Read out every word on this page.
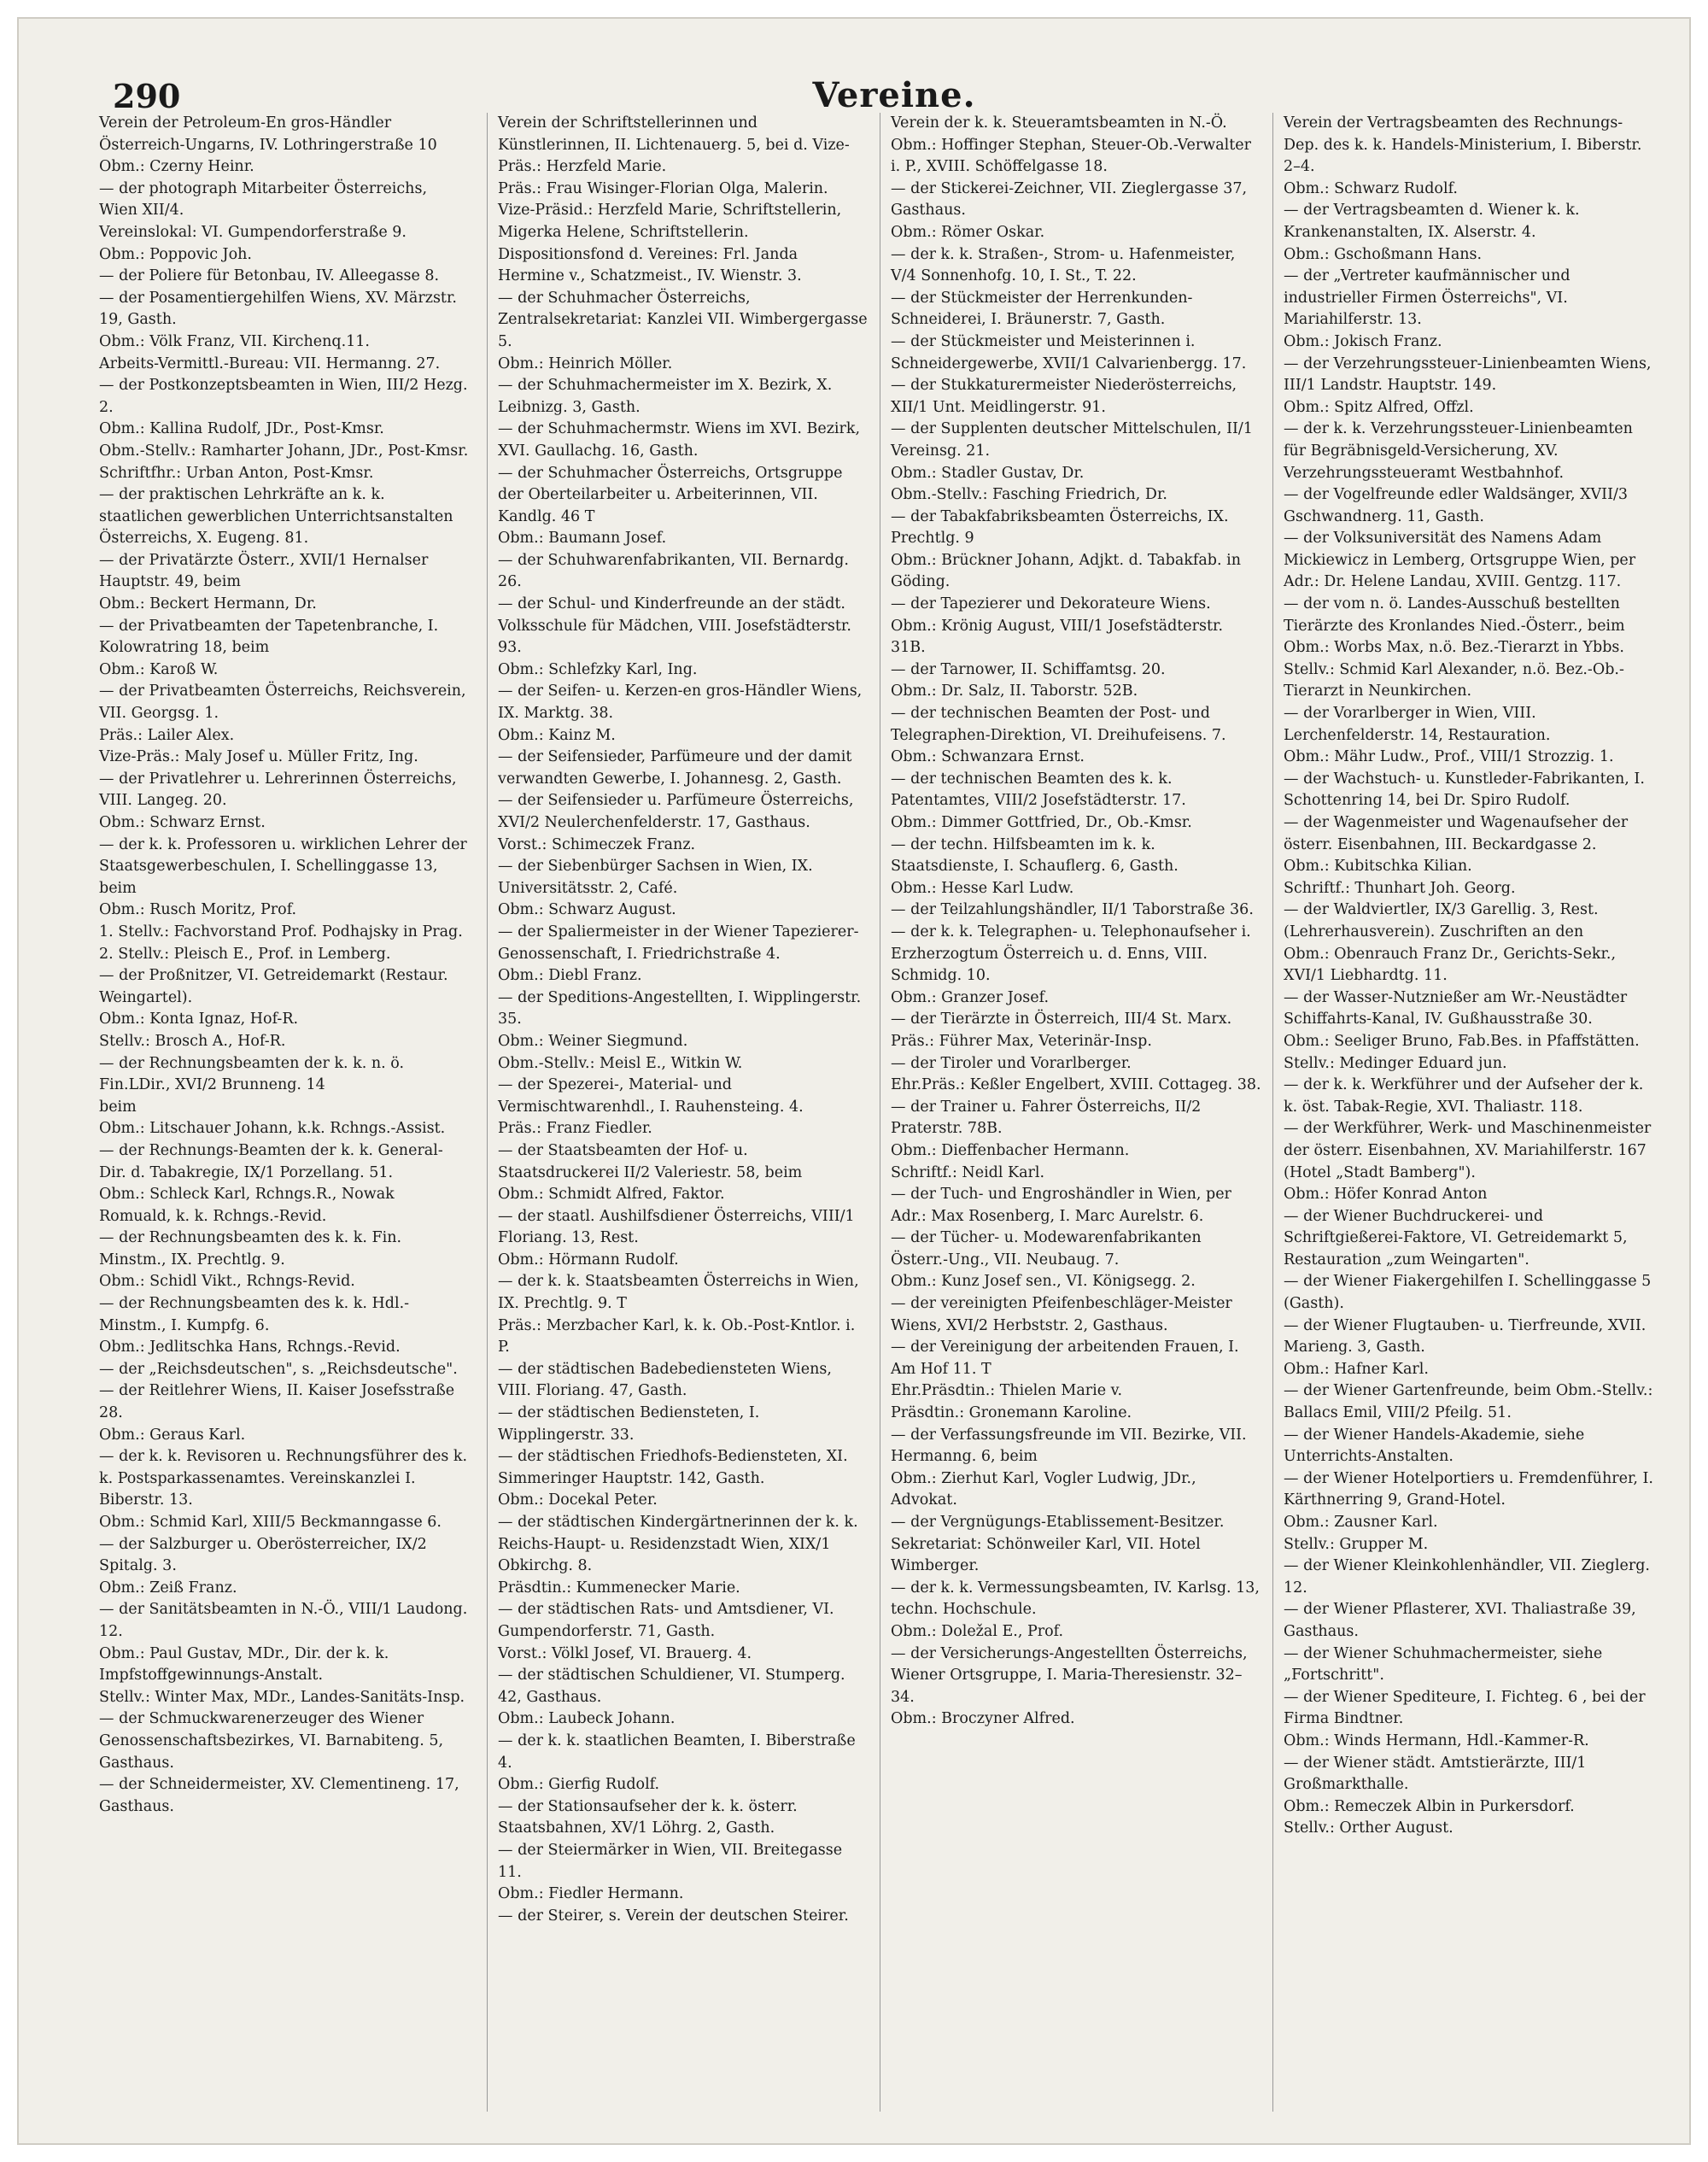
290	Vereine.
Verein der Petroleum-En gros-Händler Österreich-Ungarns, IV. Lothringerstraße 10
Obm.: Czerny Heinr.
— der photograph Mitarbeiter Österreichs, Wien XII/4.
Vereinslokal: VI. Gumpendorferstraße 9.
Obm.: Poppovic Joh.
— der Poliere für Betonbau, IV. Alleegasse 8.
— der Posamentiergehilfen Wiens, XV. Märzstr. 19, Gasth.
Obm.: Völk Franz, VII. Kirchenq.11.
Arbeits-Vermittl.-Bureau: VII. Hermanng. 27.
— der Postkonzeptsbeamten in Wien, III/2 Hezg. 2.
Obm.: Kallina Rudolf, JDr., Post-Kmsr.
Obm.-Stellv.: Ramharter Johann, JDr., Post-Kmsr.
Schriftfhr.: Urban Anton, Post-Kmsr.
— der praktischen Lehrkräfte an k. k. staatlichen gewerblichen Unterrichtsanstalten Österreichs, X. Eugeng. 81.
— der Privatärzte Österr., XVII/1 Hernalser Hauptstr. 49, beim
Obm.: Beckert Hermann, Dr.
— der Privatbeamten der Tapetenbranche, I. Kolowratring 18, beim
Obm.: Karoß W.
— der Privatbeamten Österreichs, Reichsverein, VII. Georgsg. 1.
Präs.: Lailer Alex.
Vize-Präs.: Maly Josef u. Müller Fritz, Ing.
— der Privatlehrer u. Lehrerinnen Österreichs, VIII. Langeg. 20.
Obm.: Schwarz Ernst.
— der k. k. Professoren u. wirklichen Lehrer der Staatsgewerbeschulen, I. Schellinggasse 13, beim
Obm.: Rusch Moritz, Prof.
1. Stellv.: Fachvorstand Prof. Podhajsky in Prag.
2. Stellv.: Pleisch E., Prof. in Lemberg.
— der Proßnitzer, VI. Getreidemarkt (Restaur. Weingartel).
Obm.: Konta Ignaz, Hof-R.
Stellv.: Brosch A., Hof-R.
— der Rechnungsbeamten der k. k. n. ö. Fin.LDir., XVI/2 Brunneng. 14
beim
Obm.: Litschauer Johann, k.k. Rchngs.-Assist.
— der Rechnungs-Beamten der k. k. General-Dir. d. Tabakregie, IX/1 Porzellang. 51.
Obm.: Schleck Karl, Rchngs.R., Nowak Romuald, k. k. Rchngs.-Revid.
— der Rechnungsbeamten des k. k. Fin. Minstm., IX. Prechtlg. 9.
Obm.: Schidl Vikt., Rchngs-Revid.
— der Rechnungsbeamten des k. k. Hdl.-Minstm., I. Kumpfg. 6.
Obm.: Jedlitschka Hans, Rchngs.-Revid.
— der „Reichsdeutschen", s. „Reichsdeutsche".
— der Reitlehrer Wiens, II. Kaiser Josefsstraße 28.
Obm.: Geraus Karl.
— der k. k. Revisoren u. Rechnungsführer des k. k. Postsparkassenamtes. Vereinskanzlei I. Biberstr. 13.
Obm.: Schmid Karl, XIII/5 Beckmanngasse 6.
— der Salzburger u. Oberösterreicher, IX/2 Spitalg. 3.
Obm.: Zeiß Franz.
— der Sanitätsbeamten in N.-Ö., VIII/1 Laudong. 12.
Obm.: Paul Gustav, MDr., Dir. der k. k. Impfstoffgewinnungs-Anstalt.
Stellv.: Winter Max, MDr., Landes-Sanitäts-Insp.
— der Schmuckwarenerzeuger des Wiener Genossenschaftsbezirkes, VI. Barnabiteng. 5, Gasthaus.
— der Schneidermeister, XV. Clementineng. 17, Gasthaus.
Verein der Schriftstellerinnen und Künstlerinnen, II. Lichtenauerg. 5, bei d. Vize-Präs.: Herzfeld Marie.
Präs.: Frau Wisinger-Florian Olga, Malerin.
Vize-Präsid.: Herzfeld Marie, Schriftstellerin, Migerka Helene, Schriftstellerin.
Dispositionsfond d. Vereines: Frl. Janda Hermine v., Schatzmeist., IV. Wienstr. 3.
— der Schuhmacher Österreichs, Zentralsekretariat: Kanzlei VII. Wimbergergasse 5.
Obm.: Heinrich Möller.
— der Schuhmachermeister im X. Bezirk, X. Leibnizg. 3, Gasth.
— der Schuhmachermstr. Wiens im XVI. Bezirk, XVI. Gaullachg. 16, Gasth.
— der Schuhmacher Österreichs, Ortsgruppe der Oberteilarbeiter u. Arbeiterinnen, VII. Kandlg. 46 T
Obm.: Baumann Josef.
— der Schuhwarenfabrikanten, VII. Bernardg. 26.
— der Schul- und Kinderfreunde an der städt. Volksschule für Mädchen, VIII. Josefstädterstr. 93.
Obm.: Schlefzky Karl, Ing.
— der Seifen- u. Kerzen-en gros-Händler Wiens, IX. Marktg. 38.
Obm.: Kainz M.
— der Seifensieder, Parfümeure und der damit verwandten Gewerbe, I. Johannesg. 2, Gasth.
— der Seifensieder u. Parfümeure Österreichs, XVI/2 Neulerchenfelderstr. 17, Gasthaus.
Vorst.: Schimeczek Franz.
— der Siebenbürger Sachsen in Wien, IX. Universitätsstr. 2, Café.
Obm.: Schwarz August.
— der Spaliermeister in der Wiener Tapezierer-Genossenschaft, I. Friedrichstraße 4.
Obm.: Diebl Franz.
— der Speditions-Angestellten, I. Wipplingerstr. 35.
Obm.: Weiner Siegmund.
Obm.-Stellv.: Meisl E., Witkin W.
— der Spezerei-, Material- und Vermischtwarenhdl., I. Rauhensteing. 4.
Präs.: Franz Fiedler.
— der Staatsbeamten der Hof- u. Staatsdruckerei II/2 Valeriestr. 58, beim
Obm.: Schmidt Alfred, Faktor.
— der staatl. Aushilfsdiener Österreichs, VIII/1 Floriang. 13, Rest.
Obm.: Hörmann Rudolf.
— der k. k. Staatsbeamten Österreichs in Wien, IX. Prechtlg. 9. T
Präs.: Merzbacher Karl, k. k. Ob.-Post-Kntlor. i. P.
— der städtischen Badebediensteten Wiens, VIII. Floriang. 47, Gasth.
— der städtischen Bediensteten, I. Wipplingerstr. 33.
— der städtischen Friedhofs-Bediensteten, XI. Simmeringer Hauptstr. 142, Gasth.
Obm.: Docekal Peter.
— der städtischen Kindergärtnerinnen der k. k. Reichs-Haupt- u. Residenzstadt Wien, XIX/1 Obkirchg. 8.
Präsdtin.: Kummenecker Marie.
— der städtischen Rats- und Amtsdiener, VI. Gumpendorferstr. 71, Gasth.
Vorst.: Völkl Josef, VI. Brauerg. 4.
— der städtischen Schuldiener, VI. Stumperg. 42, Gasthaus.
Obm.: Laubeck Johann.
— der k. k. staatlichen Beamten, I. Biberstraße 4.
Obm.: Gierfig Rudolf.
— der Stationsaufseher der k. k. österr. Staatsbahnen, XV/1 Löhrg. 2, Gasth.
— der Steiermärker in Wien, VII. Breitegasse 11.
Obm.: Fiedler Hermann.
— der Steirer, s. Verein der deutschen Steirer.
Verein der k. k. Steueramtsbeamten in N.-Ö.
Obm.: Hoffinger Stephan, Steuer-Ob.-Verwalter i. P., XVIII. Schöffelgasse 18.
— der Stickerei-Zeichner, VII. Zieglergasse 37, Gasthaus.
Obm.: Römer Oskar.
— der k. k. Straßen-, Strom- u. Hafenmeister, V/4 Sonnenhofg. 10, I. St., T. 22.
— der Stückmeister der Herrenkunden-Schneiderei, I. Bräunerstr. 7, Gasth.
— der Stückmeister und Meisterinnen i. Schneidergewerbe, XVII/1 Calvarienbergg. 17.
— der Stukkaturermeister Niederösterreichs, XII/1 Unt. Meidlingerstr. 91.
— der Supplenten deutscher Mittelschulen, II/1 Vereinsg. 21.
Obm.: Stadler Gustav, Dr.
Obm.-Stellv.: Fasching Friedrich, Dr.
— der Tabakfabriksbeamten Österreichs, IX. Prechtlg. 9
Obm.: Brückner Johann, Adjkt. d. Tabakfab. in Göding.
— der Tapezierer und Dekorateure Wiens.
Obm.: Krönig August, VIII/1 Josefstädterstr. 31B.
— der Tarnower, II. Schiffamtsg. 20.
Obm.: Dr. Salz, II. Taborstr. 52B.
— der technischen Beamten der Post- und Telegraphen-Direktion, VI. Dreihufeisens. 7.
Obm.: Schwanzara Ernst.
— der technischen Beamten des k. k. Patentamtes, VIII/2 Josefstädterstr. 17.
Obm.: Dimmer Gottfried, Dr., Ob.-Kmsr.
— der techn. Hilfsbeamten im k. k. Staatsdienste, I. Schauflerg. 6, Gasth.
Obm.: Hesse Karl Ludw.
— der Teilzahlungshändler, II/1 Taborstraße 36.
— der k. k. Telegraphen- u. Telephonaufseher i. Erzherzogtum Österreich u. d. Enns, VIII. Schmidg. 10.
Obm.: Granzer Josef.
— der Tierärzte in Österreich, III/4 St. Marx.
Präs.: Führer Max, Veterinär-Insp.
— der Tiroler und Vorarlberger.
Ehr.Präs.: Keßler Engelbert, XVIII. Cottageg. 38.
— der Trainer u. Fahrer Österreichs, II/2 Praterstr. 78B.
Obm.: Dieffenbacher Hermann.
Schriftf.: Neidl Karl.
— der Tuch- und Engroshändler in Wien, per Adr.: Max Rosenberg, I. Marc Aurelstr. 6.
— der Tücher- u. Modewarenfabrikanten Österr.-Ung., VII. Neubaug. 7.
Obm.: Kunz Josef sen., VI. Königsegg. 2.
— der vereinigten Pfeifenbeschläger-Meister Wiens, XVI/2 Herbststr. 2, Gasthaus.
— der Vereinigung der arbeitenden Frauen, I. Am Hof 11. T
Ehr.Präsdtin.: Thielen Marie v.
Präsdtin.: Gronemann Karoline.
— der Verfassungsfreunde im VII. Bezirke, VII. Hermanng. 6, beim
Obm.: Zierhut Karl, Vogler Ludwig, JDr., Advokat.
— der Vergnügungs-Etablissement-Besitzer.
Sekretariat: Schönweiler Karl, VII. Hotel Wimberger.
— der k. k. Vermessungsbeamten, IV. Karlsg. 13, techn. Hochschule.
Obm.: Doležal E., Prof.
— der Versicherungs-Angestellten Österreichs, Wiener Ortsgruppe, I. Maria-Theresienstr. 32–34.
Obm.: Broczyner Alfred.
Verein der Vertragsbeamten des Rechnungs-Dep. des k. k. Handels-Ministerium, I. Biberstr. 2–4.
Obm.: Schwarz Rudolf.
— der Vertragsbeamten d. Wiener k. k. Krankenanstalten, IX. Alserstr. 4.
Obm.: Gschoßmann Hans.
— der „Vertreter kaufmännischer und industrieller Firmen Österreichs", VI. Mariahilferstr. 13.
Obm.: Jokisch Franz.
— der Verzehrungssteuer-Linienbeamten Wiens, III/1 Landstr. Hauptstr. 149.
Obm.: Spitz Alfred, Offzl.
— der k. k. Verzehrungssteuer-Linienbeamten für Begräbnisgeld-Versicherung, XV. Verzehrungssteueramt Westbahnhof.
— der Vogelfreunde edler Waldsänger, XVII/3 Gschwandnerg. 11, Gasth.
— der Volksuniversität des Namens Adam Mickiewicz in Lemberg, Ortsgruppe Wien, per Adr.: Dr. Helene Landau, XVIII. Gentzg. 117.
— der vom n. ö. Landes-Ausschuß bestellten Tierärzte des Kronlandes Nied.-Österr., beim
Obm.: Worbs Max, n.ö. Bez.-Tierarzt in Ybbs.
Stellv.: Schmid Karl Alexander, n.ö. Bez.-Ob.-Tierarzt in Neunkirchen.
— der Vorarlberger in Wien, VIII. Lerchenfelderstr. 14, Restauration.
Obm.: Mähr Ludw., Prof., VIII/1 Strozzig. 1.
— der Wachstuch- u. Kunstleder-Fabrikanten, I. Schottenring 14, bei Dr. Spiro Rudolf.
— der Wagenmeister und Wagenaufseher der österr. Eisenbahnen, III. Beckardgasse 2.
Obm.: Kubitschka Kilian.
Schriftf.: Thunhart Joh. Georg.
— der Waldviertler, IX/3 Garellig. 3, Rest. (Lehrerhausverein). Zuschriften an den
Obm.: Obenrauch Franz Dr., Gerichts-Sekr., XVI/1 Liebhardtg. 11.
— der Wasser-Nutznießer am Wr.-Neustädter Schiffahrts-Kanal, IV. Gußhausstraße 30.
Obm.: Seeliger Bruno, Fab.Bes. in Pfaffstätten.
Stellv.: Medinger Eduard jun.
— der k. k. Werkführer und der Aufseher der k. k. öst. Tabak-Regie, XVI. Thaliastr. 118.
— der Werkführer, Werk- und Maschinenmeister der österr. Eisenbahnen, XV. Mariahilferstr. 167 (Hotel „Stadt Bamberg").
Obm.: Höfer Konrad Anton
— der Wiener Buchdruckerei- und Schriftgießerei-Faktore, VI. Getreidemarkt 5, Restauration „zum Weingarten".
— der Wiener Fiakergehilfen I. Schellinggasse 5 (Gasth).
— der Wiener Flugtauben- u. Tierfreunde, XVII. Marieng. 3, Gasth.
Obm.: Hafner Karl.
— der Wiener Gartenfreunde, beim Obm.-Stellv.: Ballacs Emil, VIII/2 Pfeilg. 51.
— der Wiener Handels-Akademie, siehe Unterrichts-Anstalten.
— der Wiener Hotelportiers u. Fremdenführer, I. Kärthnerring 9, Grand-Hotel.
Obm.: Zausner Karl.
Stellv.: Grupper M.
— der Wiener Kleinkohlenhändler, VII. Zieglerg. 12.
— der Wiener Pflasterer, XVI. Thaliastraße 39, Gasthaus.
— der Wiener Schuhmachermeister, siehe „Fortschritt".
— der Wiener Spediteure, I. Fichteg. 6 , bei der Firma Bindtner.
Obm.: Winds Hermann, Hdl.-Kammer-R.
— der Wiener städt. Amtstierärzte, III/1 Großmarkthalle.
Obm.: Remeczek Albin in Purkersdorf.
Stellv.: Orther August.
